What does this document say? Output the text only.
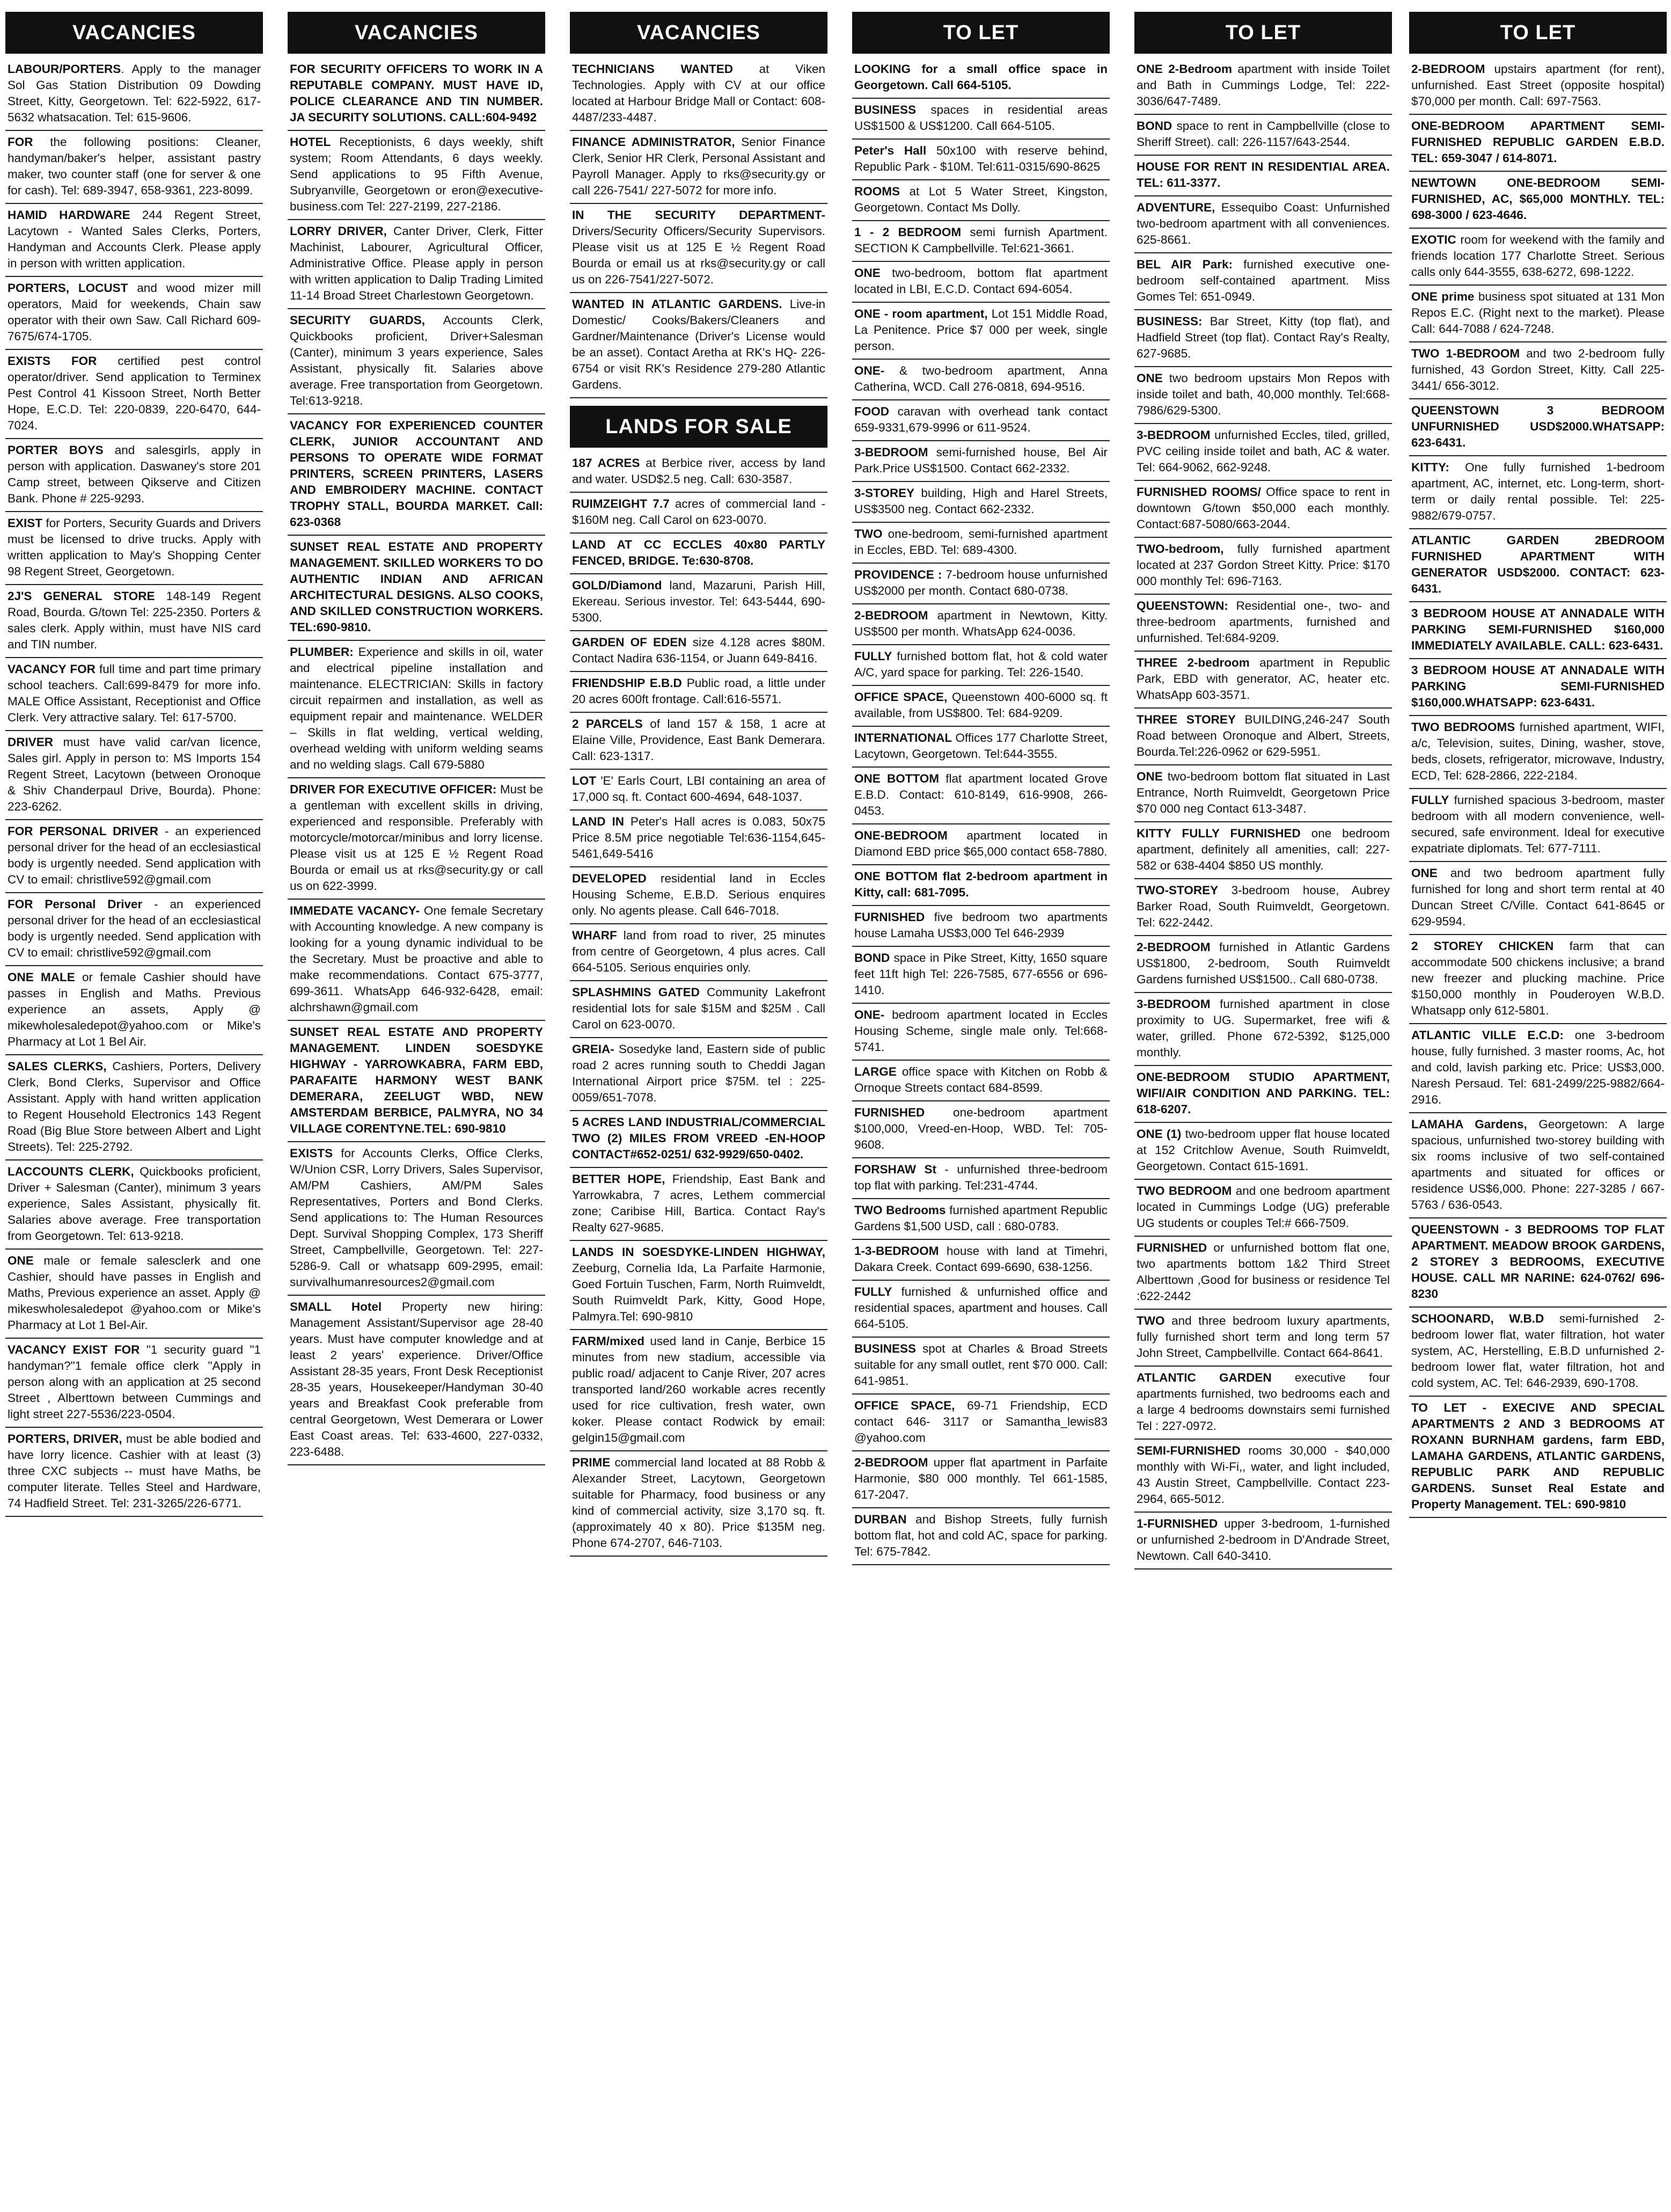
VACANCIES
LABOUR/PORTERS. Apply to the manager Sol Gas Station Distribution 09 Dowding Street, Kitty, Georgetown. Tel: 622-5922, 617-5632 whatsacation. Tel: 615-9606.
FOR the following positions: Cleaner, handyman/baker's helper, assistant pastry maker, two counter staff (one for server & one for cash). Tel: 689-3947, 658-9361, 223-8099.
HAMID HARDWARE 244 Regent Street, Lacytown - Wanted Sales Clerks, Porters, Handyman and Accounts Clerk. Please apply in person with written application.
PORTERS, LOCUST and wood mizer mill operators, Maid for weekends, Chain saw operator with their own Saw. Call Richard 609-7675/674-1705.
EXISTS FOR certified pest control operator/driver. Send application to Terminex Pest Control 41 Kissoon Street, North Better Hope, E.C.D. Tel: 220-0839, 220-6470, 644-7024.
PORTER BOYS and salesgirls, apply in person with application. Daswaney's store 201 Camp street, between Qikserve and Citizen Bank. Phone # 225-9293.
EXIST for Porters, Security Guards and Drivers must be licensed to drive trucks. Apply with written application to May's Shopping Center 98 Regent Street, Georgetown.
2J'S GENERAL STORE 148-149 Regent Road, Bourda. G/town Tel: 225-2350. Porters & sales clerk. Apply within, must have NIS card and TIN number.
VACANCY FOR full time and part time primary school teachers. Call:699-8479 for more info. MALE Office Assistant, Receptionist and Office Clerk. Very attractive salary. Tel: 617-5700.
DRIVER must have valid car/van licence, Sales girl. Apply in person to: MS Imports 154 Regent Street, Lacytown (between Oronoque & Shiv Chanderpaul Drive, Bourda). Phone: 223-6262.
FOR PERSONAL DRIVER - an experienced personal driver for the head of an ecclesiastical body is urgently needed. Send application with CV to email: christlive592@gmail.com
FOR Personal Driver - an experienced personal driver for the head of an ecclesiastical body is urgently needed. Send application with CV to email: christlive592@gmail.com
ONE MALE or female Cashier should have passes in English and Maths. Previous experience an assets, Apply @ mikewholesaledepot@yahoo.com or Mike's Pharmacy at Lot 1 Bel Air.
SALES CLERKS, Cashiers, Porters, Delivery Clerk, Bond Clerks, Supervisor and Office Assistant. Apply with hand written application to Regent Household Electronics 143 Regent Road (Big Blue Store between Albert and Light Streets). Tel: 225-2792.
LACCOUNTS CLERK, Quickbooks proficient, Driver + Salesman (Canter), minimum 3 years experience, Sales Assistant, physically fit. Salaries above average. Free transportation from Georgetown. Tel: 613-9218.
ONE male or female salesclerk and one Cashier, should have passes in English and Maths, Previous experience an asset. Apply @ mikeswholesaledepot @yahoo.com or Mike's Pharmacy at Lot 1 Bel-Air.
VACANCY EXIST FOR "1 security guard "1 handyman?"1 female office clerk "Apply in person along with an application at 25 second Street , Alberttown between Cummings and light street 227-5536/223-0504.
PORTERS, DRIVER, must be able bodied and have lorry licence. Cashier with at least (3) three CXC subjects -- must have Maths, be computer literate. Telles Steel and Hardware, 74 Hadfield Street. Tel: 231-3265/226-6771.
VACANCIES
FOR SECURITY OFFICERS TO WORK IN A REPUTABLE COMPANY. MUST HAVE ID, POLICE CLEARANCE AND TIN NUMBER. JA SECURITY SOLUTIONS. CALL:604-9492
HOTEL Receptionists, 6 days weekly, shift system; Room Attendants, 6 days weekly. Send applications to 95 Fifth Avenue, Subryanville, Georgetown or eron@executive-business.com Tel: 227-2199, 227-2186.
LORRY DRIVER, Canter Driver, Clerk, Fitter Machinist, Labourer, Agricultural Officer, Administrative Office. Please apply in person with written application to Dalip Trading Limited 11-14 Broad Street Charlestown Georgetown.
SECURITY GUARDS, Accounts Clerk, Quickbooks proficient, Driver+Salesman (Canter), minimum 3 years experience, Sales Assistant, physically fit. Salaries above average. Free transportation from Georgetown. Tel:613-9218.
VACANCY FOR EXPERIENCED COUNTER CLERK, JUNIOR ACCOUNTANT AND PERSONS TO OPERATE WIDE FORMAT PRINTERS, SCREEN PRINTERS, LASERS AND EMBROIDERY MACHINE. CONTACT TROPHY STALL, BOURDA MARKET. Call: 623-0368
SUNSET REAL ESTATE AND PROPERTY MANAGEMENT. SKILLED WORKERS TO DO AUTHENTIC INDIAN AND AFRICAN ARCHITECTURAL DESIGNS. ALSO COOKS, AND SKILLED CONSTRUCTION WORKERS. TEL:690-9810.
PLUMBER: Experience and skills in oil, water and electrical pipeline installation and maintenance. ELECTRICIAN: Skills in factory circuit repairmen and installation, as well as equipment repair and maintenance. WELDER – Skills in flat welding, vertical welding, overhead welding with uniform welding seams and no welding slags. Call 679-5880
DRIVER FOR EXECUTIVE OFFICER: Must be a gentleman with excellent skills in driving, experienced and responsible. Preferably with motorcycle/motorcar/minibus and lorry license. Please visit us at 125 E ½ Regent Road Bourda or email us at rks@security.gy or call us on 622-3999.
IMMEDATE VACANCY- One female Secretary with Accounting knowledge. A new company is looking for a young dynamic individual to be the Secretary. Must be proactive and able to make recommendations. Contact 675-3777, 699-3611. WhatsApp 646-932-6428, email: alchrshawn@gmail.com
SUNSET REAL ESTATE AND PROPERTY MANAGEMENT. LINDEN SOESDYKE HIGHWAY - YARROWKABRA, FARM EBD, PARAFAITE HARMONY WEST BANK DEMERARA, ZEELUGT WBD, NEW AMSTERDAM BERBICE, PALMYRA, NO 34 VILLAGE CORENTYNE.TEL: 690-9810
EXISTS for Accounts Clerks, Office Clerks, W/Union CSR, Lorry Drivers, Sales Supervisor, AM/PM Cashiers, AM/PM Sales Representatives, Porters and Bond Clerks. Send applications to: The Human Resources Dept. Survival Shopping Complex, 173 Sheriff Street, Campbellville, Georgetown. Tel: 227-5286-9. Call or whatsapp 609-2995, email: survivalhumanresources2@gmail.com
SMALL Hotel Property new hiring: Management Assistant/Supervisor age 28-40 years. Must have computer knowledge and at least 2 years' experience. Driver/Office Assistant 28-35 years, Front Desk Receptionist 28-35 years, Housekeeper/Handyman 30-40 years and Breakfast Cook preferable from central Georgetown, West Demerara or Lower East Coast areas. Tel: 633-4600, 227-0332, 223-6488.
VACANCIES
TECHNICIANS WANTED at Viken Technologies. Apply with CV at our office located at Harbour Bridge Mall or Contact: 608-4487/233-4487.
FINANCE ADMINISTRATOR, Senior Finance Clerk, Senior HR Clerk, Personal Assistant and Payroll Manager. Apply to rks@security.gy or call 226-7541/ 227-5072 for more info.
IN THE SECURITY DEPARTMENT- Drivers/Security Officers/Security Supervisors. Please visit us at 125 E ½ Regent Road Bourda or email us at rks@security.gy or call us on 226-7541/227-5072.
WANTED IN ATLANTIC GARDENS. Live-in Domestic/ Cooks/Bakers/Cleaners and Gardner/Maintenance (Driver's License would be an asset). Contact Aretha at RK's HQ- 226-6754 or visit RK's Residence 279-280 Atlantic Gardens.
LANDS FOR SALE
187 ACRES at Berbice river, access by land and water. USD$2.5 neg. Call: 630-3587.
RUIMZEIGHT 7.7 acres of commercial land - $160M neg. Call Carol on 623-0070.
LAND AT CC ECCLES 40x80 PARTLY FENCED, BRIDGE. Te:630-8708.
GOLD/Diamond land, Mazaruni, Parish Hill, Ekereau. Serious investor. Tel: 643-5444, 690-5300.
GARDEN OF EDEN size 4.128 acres $80M. Contact Nadira 636-1154, or Juann 649-8416.
FRIENDSHIP E.B.D Public road, a little under 20 acres 600ft frontage. Call:616-5571.
2 PARCELS of land 157 & 158, 1 acre at Elaine Ville, Providence, East Bank Demerara. Call: 623-1317.
LOT 'E' Earls Court, LBI containing an area of 17,000 sq. ft. Contact 600-4694, 648-1037.
LAND IN Peter's Hall acres is 0.083, 50x75 Price 8.5M price negotiable Tel:636-1154,645-5461,649-5416
DEVELOPED residential land in Eccles Housing Scheme, E.B.D. Serious enquires only. No agents please. Call 646-7018.
WHARF land from road to river, 25 minutes from centre of Georgetown, 4 plus acres. Call 664-5105. Serious enquiries only.
SPLASHMINS GATED Community Lakefront residential lots for sale $15M and $25M . Call Carol on 623-0070.
GREIA- Sosedyke land, Eastern side of public road 2 acres running south to Cheddi Jagan International Airport price $75M. tel : 225-0059/651-7078.
5 ACRES LAND INDUSTRIAL/COMMERCIAL TWO (2) MILES FROM VREED -EN-HOOP CONTACT#652-0251/ 632-9929/650-0402.
BETTER HOPE, Friendship, East Bank and Yarrowkabra, 7 acres, Lethem commercial zone; Caribise Hill, Bartica. Contact Ray's Realty 627-9685.
LANDS IN SOESDYKE-LINDEN HIGHWAY, Zeeburg, Cornelia Ida, La Parfaite Harmonie, Goed Fortuin Tuschen, Farm, North Ruimveldt, South Ruimveldt Park, Kitty, Good Hope, Palmyra.Tel: 690-9810
FARM/mixed used land in Canje, Berbice 15 minutes from new stadium, accessible via public road/ adjacent to Canje River, 207 acres transported land/260 workable acres recently used for rice cultivation, fresh water, own koker. Please contact Rodwick by email: gelgin15@gmail.com
PRIME commercial land located at 88 Robb & Alexander Street, Lacytown, Georgetown suitable for Pharmacy, food business or any kind of commercial activity, size 3,170 sq. ft. (approximately 40 x 80). Price $135M neg. Phone 674-2707, 646-7103.
TO LET
LOOKING for a small office space in Georgetown. Call 664-5105.
BUSINESS spaces in residential areas US$1500 & US$1200. Call 664-5105.
Peter's Hall 50x100 with reserve behind, Republic Park - $10M. Tel:611-0315/690-8625
ROOMS at Lot 5 Water Street, Kingston, Georgetown. Contact Ms Dolly.
1 - 2 BEDROOM semi furnish Apartment. SECTION K Campbellville. Tel:621-3661.
ONE two-bedroom, bottom flat apartment located in LBI, E.C.D. Contact 694-6054.
ONE - room apartment, Lot 151 Middle Road, La Penitence. Price $7 000 per week, single person.
ONE- & two-bedroom apartment, Anna Catherina, WCD. Call 276-0818, 694-9516.
FOOD caravan with overhead tank contact 659-9331,679-9996 or 611-9524.
3-BEDROOM semi-furnished house, Bel Air Park.Price US$1500. Contact 662-2332.
3-STOREY building, High and Harel Streets, US$3500 neg. Contact 662-2332.
TWO one-bedroom, semi-furnished apartment in Eccles, EBD. Tel: 689-4300.
PROVIDENCE : 7-bedroom house unfurnished US$2000 per month. Contact 680-0738.
2-BEDROOM apartment in Newtown, Kitty. US$500 per month. WhatsApp 624-0036.
FULLY furnished bottom flat, hot & cold water A/C, yard space for parking. Tel: 226-1540.
OFFICE SPACE, Queenstown 400-6000 sq. ft available, from US$800. Tel: 684-9209.
INTERNATIONAL Offices 177 Charlotte Street, Lacytown, Georgetown. Tel:644-3555.
ONE BOTTOM flat apartment located Grove E.B.D. Contact: 610-8149, 616-9908, 266-0453.
ONE-BEDROOM apartment located in Diamond EBD price $65,000 contact 658-7880.
ONE BOTTOM flat 2-bedroom apartment in Kitty, call: 681-7095.
FURNISHED five bedroom two apartments house Lamaha US$3,000 Tel 646-2939
BOND space in Pike Street, Kitty, 1650 square feet 11ft high Tel: 226-7585, 677-6556 or 696-1410.
ONE- bedroom apartment located in Eccles Housing Scheme, single male only. Tel:668-5741.
LARGE office space with Kitchen on Robb & Ornoque Streets contact 684-8599.
FURNISHED one-bedroom apartment $100,000, Vreed-en-Hoop, WBD. Tel: 705-9608.
FORSHAW St - unfurnished three-bedroom top flat with parking. Tel:231-4744.
TWO Bedrooms furnished apartment Republic Gardens $1,500 USD, call : 680-0783.
1-3-BEDROOM house with land at Timehri, Dakara Creek. Contact 699-6690, 638-1256.
FULLY furnished & unfurnished office and residential spaces, apartment and houses. Call 664-5105.
BUSINESS spot at Charles & Broad Streets suitable for any small outlet, rent $70 000. Call: 641-9851.
OFFICE SPACE, 69-71 Friendship, ECD contact 646- 3117 or Samantha_lewis83 @yahoo.com
2-BEDROOM upper flat apartment in Parfaite Harmonie, $80 000 monthly. Tel 661-1585, 617-2047.
DURBAN and Bishop Streets, fully furnish bottom flat, hot and cold AC, space for parking. Tel: 675-7842.
TO LET
ONE 2-Bedroom apartment with inside Toilet and Bath in Cummings Lodge, Tel: 222-3036/647-7489.
BOND space to rent in Campbellville (close to Sheriff Street). call: 226-1157/643-2544.
HOUSE FOR RENT IN RESIDENTIAL AREA. TEL: 611-3377.
ADVENTURE, Essequibo Coast: Unfurnished two-bedroom apartment with all conveniences. 625-8661.
BEL AIR Park: furnished executive one-bedroom self-contained apartment. Miss Gomes Tel: 651-0949.
BUSINESS: Bar Street, Kitty (top flat), and Hadfield Street (top flat). Contact Ray's Realty, 627-9685.
ONE two bedroom upstairs Mon Repos with inside toilet and bath, 40,000 monthly. Tel:668-7986/629-5300.
3-BEDROOM unfurnished Eccles, tiled, grilled, PVC ceiling inside toilet and bath, AC & water. Tel: 664-9062, 662-9248.
FURNISHED ROOMS/ Office space to rent in downtown G/town $50,000 each monthly. Contact:687-5080/663-2044.
TWO-bedroom, fully furnished apartment located at 237 Gordon Street Kitty. Price: $170 000 monthly Tel: 696-7163.
QUEENSTOWN: Residential one-, two- and three-bedroom apartments, furnished and unfurnished. Tel:684-9209.
THREE 2-bedroom apartment in Republic Park, EBD with generator, AC, heater etc. WhatsApp 603-3571.
THREE STOREY BUILDING,246-247 South Road between Oronoque and Albert, Streets, Bourda.Tel:226-0962 or 629-5951.
ONE two-bedroom bottom flat situated in Last Entrance, North Ruimveldt, Georgetown Price $70 000 neg Contact 613-3487.
KITTY FULLY FURNISHED one bedroom apartment, definitely all amenities, call: 227-582 or 638-4404 $850 US monthly.
TWO-STOREY 3-bedroom house, Aubrey Barker Road, South Ruimveldt, Georgetown. Tel: 622-2442.
2-BEDROOM furnished in Atlantic Gardens US$1800, 2-bedroom, South Ruimveldt Gardens furnished US$1500.. Call 680-0738.
3-BEDROOM furnished apartment in close proximity to UG. Supermarket, free wifi & water, grilled. Phone 672-5392, $125,000 monthly.
ONE-BEDROOM STUDIO APARTMENT, WIFI/AIR CONDITION AND PARKING. TEL: 618-6207.
ONE (1) two-bedroom upper flat house located at 152 Critchlow Avenue, South Ruimveldt, Georgetown. Contact 615-1691.
TWO BEDROOM and one bedroom apartment located in Cummings Lodge (UG) preferable UG students or couples Tel:# 666-7509.
FURNISHED or unfurnished bottom flat one, two apartments bottom 1&2 Third Street Alberttown ,Good for business or residence Tel :622-2442
TWO and three bedroom luxury apartments, fully furnished short term and long term 57 John Street, Campbellville. Contact 664-8641.
ATLANTIC GARDEN executive four apartments furnished, two bedrooms each and a large 4 bedrooms downstairs semi furnished Tel : 227-0972.
SEMI-FURNISHED rooms 30,000 - $40,000 monthly with Wi-Fi,, water, and light included, 43 Austin Street, Campbellville. Contact 223-2964, 665-5012.
1-FURNISHED upper 3-bedroom, 1-furnished or unfurnished 2-bedroom in D'Andrade Street, Newtown. Call 640-3410.
TO LET
2-BEDROOM upstairs apartment (for rent), unfurnished. East Street (opposite hospital) $70,000 per month. Call: 697-7563.
ONE-BEDROOM APARTMENT SEMI-FURNISHED REPUBLIC GARDEN E.B.D. TEL: 659-3047 / 614-8071.
NEWTOWN ONE-BEDROOM SEMI-FURNISHED, AC, $65,000 MONTHLY. TEL: 698-3000 / 623-4646.
EXOTIC room for weekend with the family and friends location 177 Charlotte Street. Serious calls only 644-3555, 638-6272, 698-1222.
ONE prime business spot situated at 131 Mon Repos E.C. (Right next to the market). Please Call: 644-7088 / 624-7248.
TWO 1-BEDROOM and two 2-bedroom fully furnished, 43 Gordon Street, Kitty. Call 225- 3441/ 656-3012.
QUEENSTOWN 3 BEDROOM UNFURNISHED USD$2000.WHATSAPP: 623-6431.
KITTY: One fully furnished 1-bedroom apartment, AC, internet, etc. Long-term, short-term or daily rental possible. Tel: 225-9882/679-0757.
ATLANTIC GARDEN 2BEDROOM FURNISHED APARTMENT WITH GENERATOR USD$2000. CONTACT: 623-6431.
3 BEDROOM HOUSE AT ANNADALE WITH PARKING SEMI-FURNISHED $160,000 IMMEDIATELY AVAILABLE. CALL: 623-6431.
3 BEDROOM HOUSE AT ANNADALE WITH PARKING SEMI-FURNISHED $160,000.WHATSAPP: 623-6431.
TWO BEDROOMS furnished apartment, WIFI, a/c, Television, suites, Dining, washer, stove, beds, closets, refrigerator, microwave, Industry, ECD, Tel: 628-2866, 222-2184.
FULLY furnished spacious 3-bedroom, master bedroom with all modern convenience, well-secured, safe environment. Ideal for executive expatriate diplomats. Tel: 677-7111.
ONE and two bedroom apartment fully furnished for long and short term rental at 40 Duncan Street C/Ville. Contact 641-8645 or 629-9594.
2 STOREY CHICKEN farm that can accommodate 500 chickens inclusive; a brand new freezer and plucking machine. Price $150,000 monthly in Pouderoyen W.B.D. Whatsapp only 612-5801.
ATLANTIC VILLE E.C.D: one 3-bedroom house, fully furnished. 3 master rooms, Ac, hot and cold, lavish parking etc. Price: US$3,000. Naresh Persaud. Tel: 681-2499/225-9882/664-2916.
LAMAHA Gardens, Georgetown: A large spacious, unfurnished two-storey building with six rooms inclusive of two self-contained apartments and situated for offices or residence US$6,000. Phone: 227-3285 / 667-5763 / 636-0543.
QUEENSTOWN - 3 BEDROOMS TOP FLAT APARTMENT. MEADOW BROOK GARDENS, 2 STOREY 3 BEDROOMS, EXECUTIVE HOUSE. CALL MR NARINE: 624-0762/ 696-8230
SCHOONARD, W.B.D semi-furnished 2-bedroom lower flat, water filtration, hot water system, AC, Herstelling, E.B.D unfurnished 2-bedroom lower flat, water filtration, hot and cold system, AC. Tel: 646-2939, 690-1708.
TO LET - EXECIVE AND SPECIAL APARTMENTS 2 AND 3 BEDROOMS AT ROXANN BURNHAM gardens, farm EBD, LAMAHA GARDENS, ATLANTIC GARDENS, REPUBLIC PARK AND REPUBLIC GARDENS. Sunset Real Estate and Property Management. TEL: 690-9810
